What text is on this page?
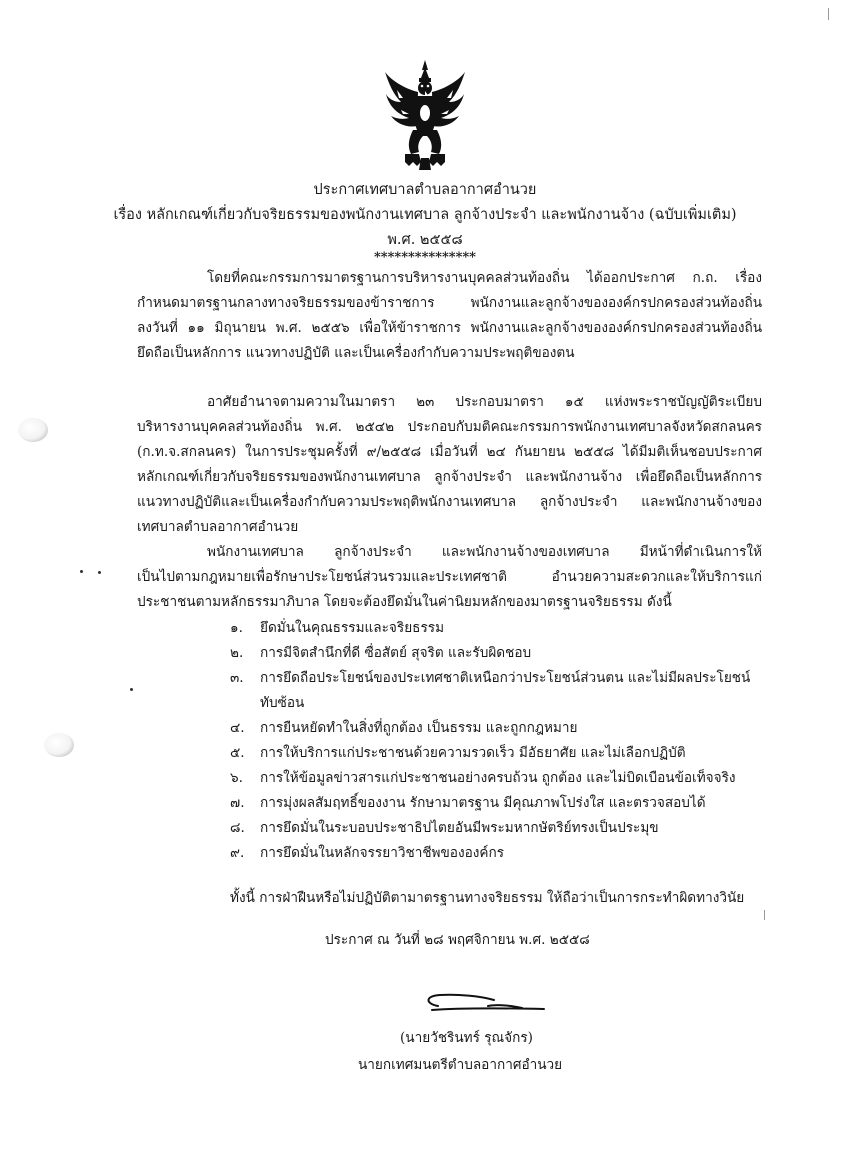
ประกาศเทศบาลตำบลอากาศอำนวย
เรื่อง หลักเกณฑ์เกี่ยวกับจริยธรรมของพนักงานเทศบาล ลูกจ้างประจำ และพนักงานจ้าง (ฉบับเพิ่มเติม)
พ.ศ. ๒๕๕๘
***************
โดยที่คณะกรรมการมาตรฐานการบริหารงานบุคคลส่วนท้องถิ่น ได้ออกประกาศ ก.ถ. เรื่อง
กำหนดมาตรฐานกลางทางจริยธรรมของข้าราชการ พนักงานและลูกจ้างขององค์กรปกครองส่วนท้องถิ่น
ลงวันที่ ๑๑ มิถุนายน พ.ศ. ๒๕๕๖ เพื่อให้ข้าราชการ พนักงานและลูกจ้างขององค์กรปกครองส่วนท้องถิ่น
ยึดถือเป็นหลักการ แนวทางปฏิบัติ และเป็นเครื่องกำกับความประพฤติของตน
อาศัยอำนาจตามความในมาตรา ๒๓ ประกอบมาตรา ๑๕ แห่งพระราชบัญญัติระเบียบ
บริหารงานบุคคลส่วนท้องถิ่น พ.ศ. ๒๕๔๒ ประกอบกับมติคณะกรรมการพนักงานเทศบาลจังหวัดสกลนคร
(ก.ท.จ.สกลนคร) ในการประชุมครั้งที่ ๙/๒๕๕๘ เมื่อวันที่ ๒๔ กันยายน ๒๕๕๘ ได้มีมติเห็นชอบประกาศ
หลักเกณฑ์เกี่ยวกับจริยธรรมของพนักงานเทศบาล ลูกจ้างประจำ และพนักงานจ้าง เพื่อยึดถือเป็นหลักการ
แนวทางปฏิบัติและเป็นเครื่องกำกับความประพฤติพนักงานเทศบาล ลูกจ้างประจำ และพนักงานจ้างของ
เทศบาลตำบลอากาศอำนวย
พนักงานเทศบาล ลูกจ้างประจำ และพนักงานจ้างของเทศบาล มีหน้าที่ดำเนินการให้
เป็นไปตามกฎหมายเพื่อรักษาประโยชน์ส่วนรวมและประเทศชาติ อำนวยความสะดวกและให้บริการแก่
ประชาชนตามหลักธรรมาภิบาล โดยจะต้องยึดมั่นในค่านิยมหลักของมาตรฐานจริยธรรม ดังนี้
๑.	ยึดมั่นในคุณธรรมและจริยธรรม
๒.	การมีจิตสำนึกที่ดี ซื่อสัตย์ สุจริต และรับผิดชอบ
๓.	การยึดถือประโยชน์ของประเทศชาติเหนือกว่าประโยชน์ส่วนตน และไม่มีผลประโยชน์ทับซ้อน
๔.	การยืนหยัดทำในสิ่งที่ถูกต้อง เป็นธรรม และถูกกฎหมาย
๕.	การให้บริการแก่ประชาชนด้วยความรวดเร็ว มีอัธยาศัย และไม่เลือกปฏิบัติ
๖.	การให้ข้อมูลข่าวสารแก่ประชาชนอย่างครบถ้วน ถูกต้อง และไม่บิดเบือนข้อเท็จจริง
๗.	การมุ่งผลสัมฤทธิ์ของงาน รักษามาตรฐาน มีคุณภาพโปร่งใส และตรวจสอบได้
๘.	การยึดมั่นในระบอบประชาธิปไตยอันมีพระมหากษัตริย์ทรงเป็นประมุข
๙.	การยึดมั่นในหลักจรรยาวิชาชีพขององค์กร
ทั้งนี้ การฝ่าฝืนหรือไม่ปฏิบัติตามาตรฐานทางจริยธรรม ให้ถือว่าเป็นการกระทำผิดทางวินัย
ประกาศ ณ วันที่ ๒๘ พฤศจิกายน พ.ศ. ๒๕๕๘
(นายวัชรินทร์ รุณจักร)
นายกเทศมนตรีตำบลอากาศอำนวย
